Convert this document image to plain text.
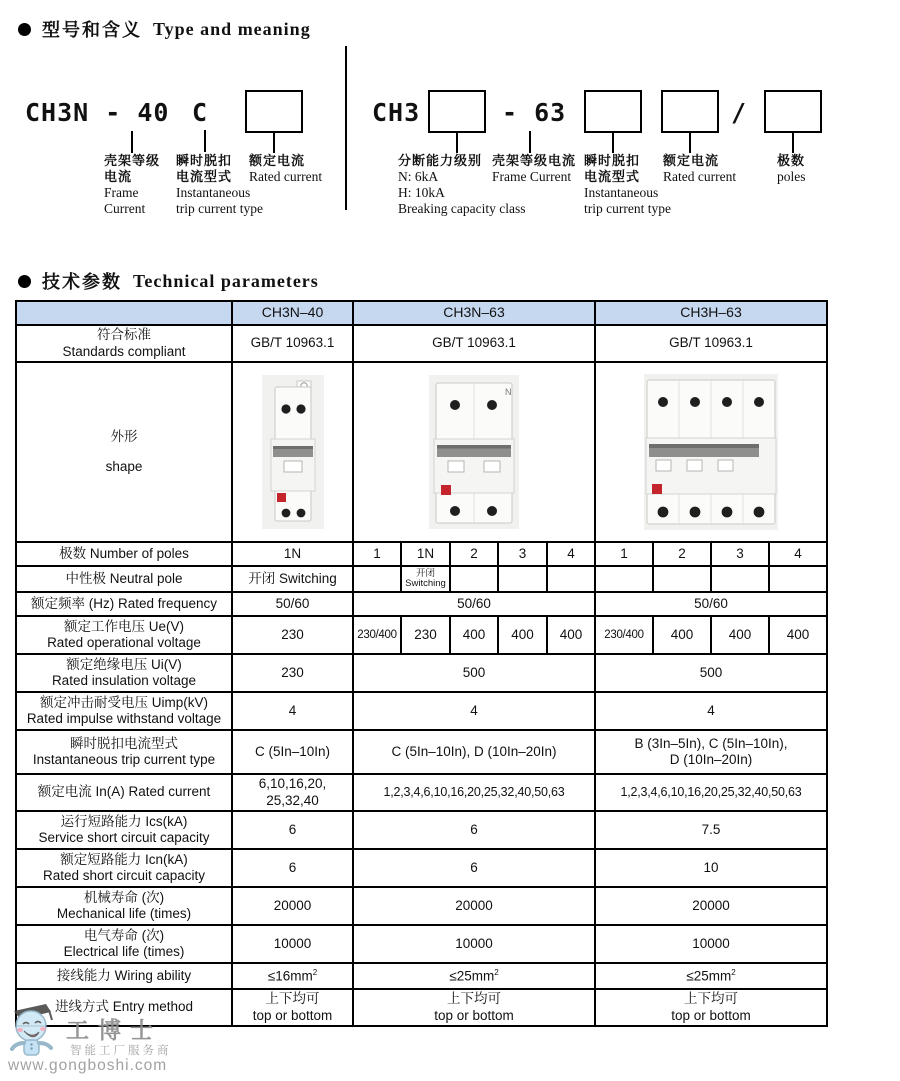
型号和含义 Type and meaning
CH3N - 40 C
壳架等级
电流
Frame
Current
瞬时脱扣
电流型式
Instantaneous
trip current type
额定电流
Rated current
CH3	- 63	/
分断能力级别
N: 6kA
H: 10kA
Breaking capacity class
壳架等级电流
Frame Current
瞬时脱扣
电流型式
Instantaneous
trip current type
额定电流
Rated current
极数
poles
技术参数 Technical parameters
	CH3N–40	CH3N–63					CH3H–63			

符合标准
Standards compliant	GB/T 10963.1	GB/T 10963.1					GB/T 10963.1			

外形
shape		N

极数 Number of poles	1N	1	1N	2	3	4	1	2	3	4
中性极 Neutral pole	开闭 Switching		开闭
Switching							

额定频率 (Hz) Rated frequency	50/60	50/60					50/60			

额定工作电压 Ue(V)
Rated operational voltage	230	230/400	230	400	400	400	230/400	400	400	400

额定绝缘电压 Ui(V)
Rated insulation voltage	230	500					500			

额定冲击耐受电压 Uimp(kV)
Rated impulse withstand voltage	4	4					4			

瞬时脱扣电流型式
Instantaneous trip current type	C (5In–10In)	C (5In–10In), D (10In–20In)					B (3In–5In), C (5In–10In),
D (10In–20In)			

额定电流 In(A) Rated current	6,10,16,20,
25,32,40	1,2,3,4,6,10,16,20,25,32,40,50,63					1,2,3,4,6,10,16,20,25,32,40,50,63			

运行短路能力 Ics(kA)
Service short circuit capacity	6	6					7.5			

额定短路能力 Icn(kA)
Rated short circuit capacity	6	6					10			

机械寿命 (次)
Mechanical life (times)	20000	20000					20000			

电气寿命 (次)
Electrical life (times)	10000	10000					10000			
接线能力 Wiring ability	$\le 16mm^2$	$\le 25mm^2$					$\le 25mm^2$
进线方式 Entry method	上下均可
top or bottom	上下均可
top or bottom					上下均可
top or bottom			
工博士
智能工厂服务商
www.gongboshi.com
